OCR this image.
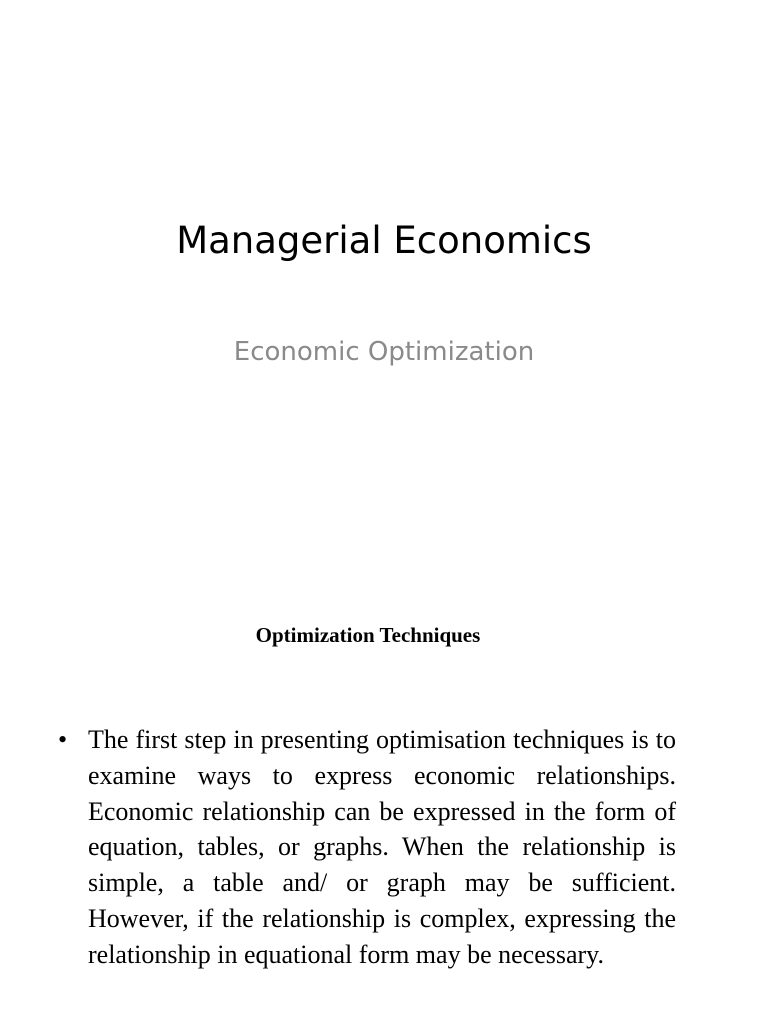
Managerial Economics
Economic Optimization
Optimization Techniques
• The first step in presenting optimisation techniques is to examine ways to express economic relationships. Economic relationship can be expressed in the form of equation, tables, or graphs. When the relationship is simple, a table and/ or graph may be sufficient. However, if the relationship is complex, expressing the relationship in equational form may be necessary.
